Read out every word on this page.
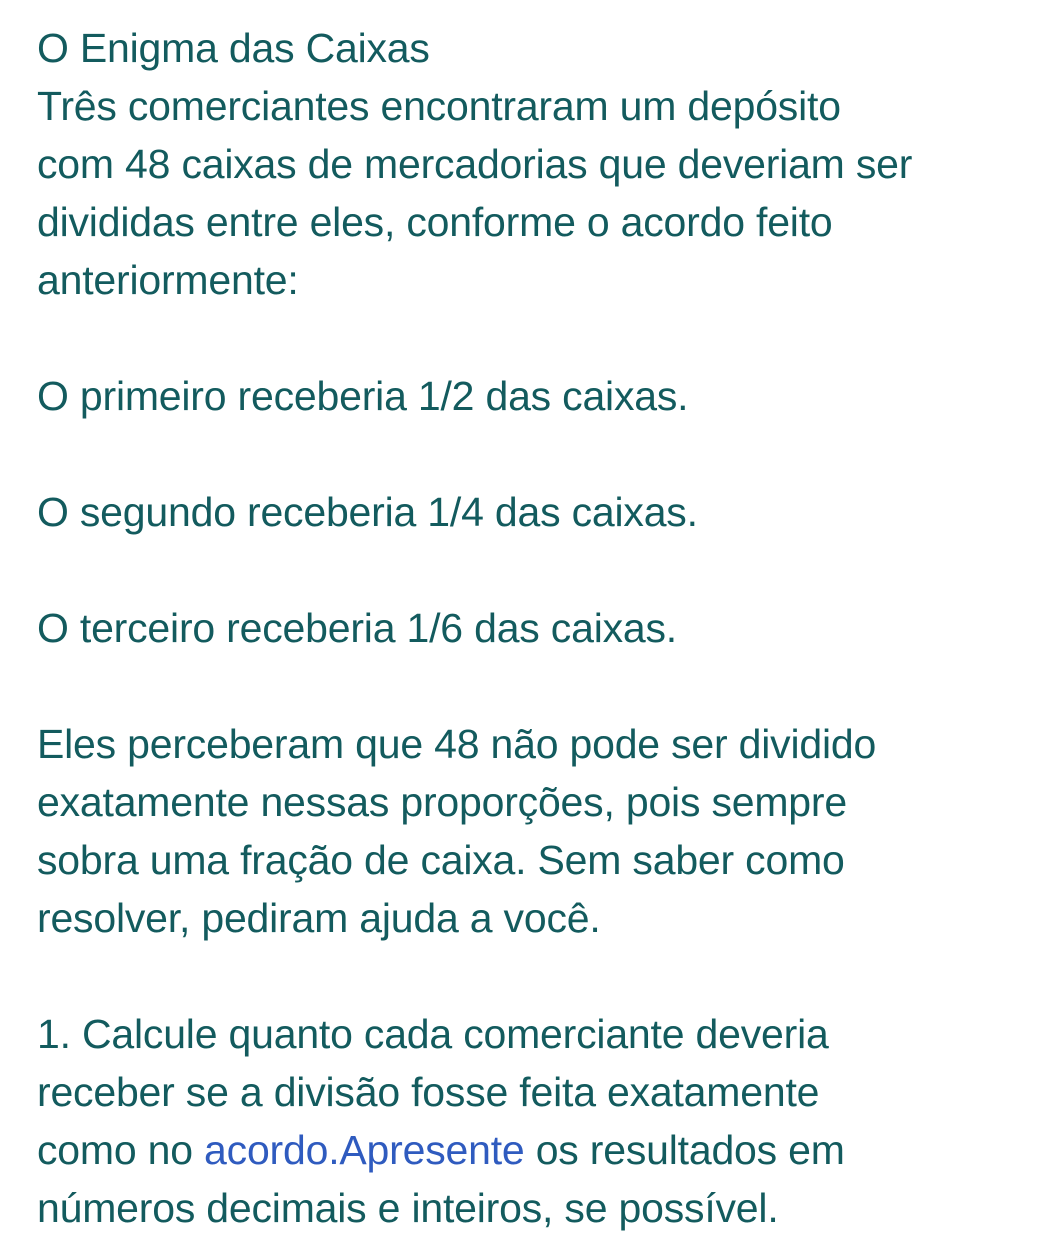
O Enigma das Caixas
Três comerciantes encontraram um depósito
com 48 caixas de mercadorias que deveriam ser
divididas entre eles, conforme o acordo feito
anteriormente:
O primeiro receberia 1/2 das caixas.
O segundo receberia 1/4 das caixas.
O terceiro receberia 1/6 das caixas.
Eles perceberam que 48 não pode ser dividido
exatamente nessas proporções, pois sempre
sobra uma fração de caixa. Sem saber como
resolver, pediram ajuda a você.
1. Calcule quanto cada comerciante deveria
receber se a divisão fosse feita exatamente
como no acordo.Apresente os resultados em
números decimais e inteiros, se possível.
